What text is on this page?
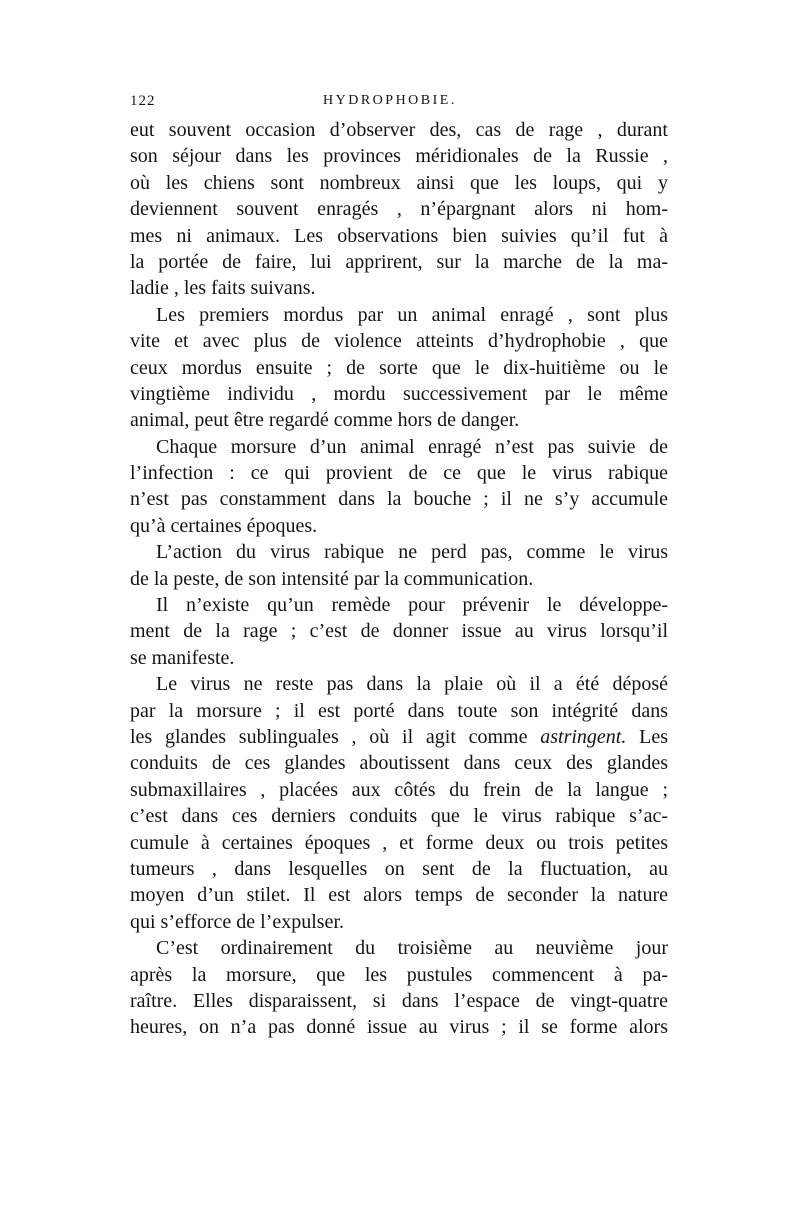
122	HYDROPHOBIE.
eut souvent occasion d’observer des, cas de rage , durant
son séjour dans les provinces méridionales de la Russie ,
où les chiens sont nombreux ainsi que les loups, qui y
deviennent souvent enragés , n’épargnant alors ni hom-
mes ni animaux. Les observations bien suivies qu’il fut à
la portée de faire, lui apprirent, sur la marche de la ma-
ladie , les faits suivans.
Les premiers mordus par un animal enragé , sont plus
vite et avec plus de violence atteints d’hydrophobie , que
ceux mordus ensuite ; de sorte que le dix-huitième ou le
vingtième individu , mordu successivement par le même
animal, peut être regardé comme hors de danger.
Chaque morsure d’un animal enragé n’est pas suivie de
l’infection : ce qui provient de ce que le virus rabique
n’est pas constamment dans la bouche ; il ne s’y accumule
qu’à certaines époques.
L’action du virus rabique ne perd pas, comme le virus
de la peste, de son intensité par la communication.
Il n’existe qu’un remède pour prévenir le développe-
ment de la rage ; c’est de donner issue au virus lorsqu’il
se manifeste.
Le virus ne reste pas dans la plaie où il a été déposé
par la morsure ; il est porté dans toute son intégrité dans
les glandes sublinguales , où il agit comme astringent. Les
conduits de ces glandes aboutissent dans ceux des glandes
submaxillaires , placées aux côtés du frein de la langue ;
c’est dans ces derniers conduits que le virus rabique s’ac-
cumule à certaines époques , et forme deux ou trois petites
tumeurs , dans lesquelles on sent de la fluctuation, au
moyen d’un stilet. Il est alors temps de seconder la nature
qui s’efforce de l’expulser.
C’est ordinairement du troisième au neuvième jour
après la morsure, que les pustules commencent à pa-
raître. Elles disparaissent, si dans l’espace de vingt-quatre
heures, on n’a pas donné issue au virus ; il se forme alors
